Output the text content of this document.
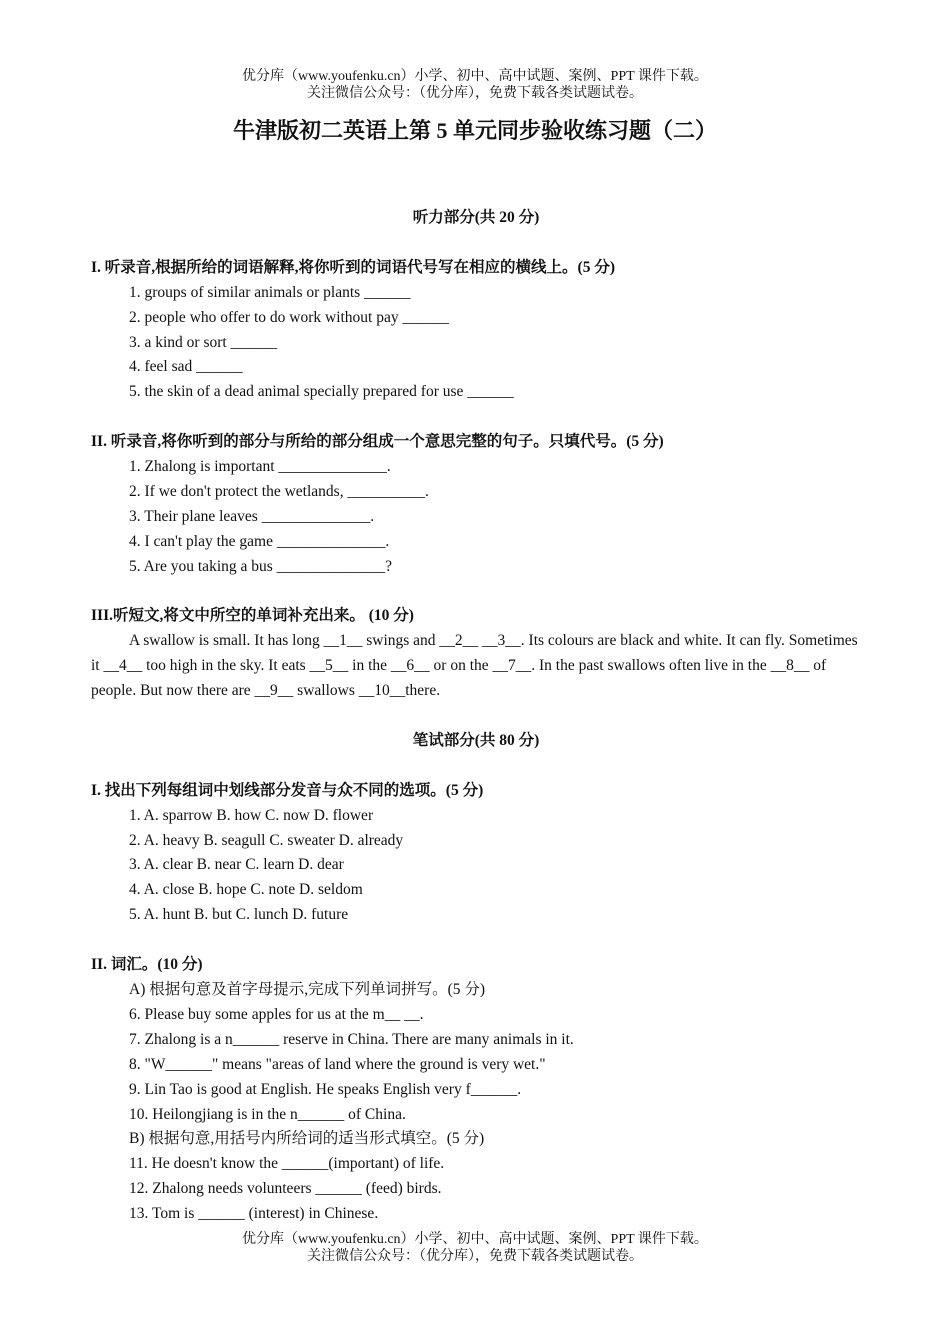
优分库（www.youfenku.cn）小学、初中、高中试题、案例、PPT 课件下载。
关注微信公众号：（优分库），免费下载各类试题试卷。
牛津版初二英语上第 5 单元同步验收练习题（二）
听力部分(共 20 分)
I. 听录音,根据所给的词语解释,将你听到的词语代号写在相应的横线上。(5 分)
1. groups of similar animals or plants ______
2. people who offer to do work without pay ______
3. a kind or sort ______
4. feel sad ______
5. the skin of a dead animal specially prepared for use ______
II. 听录音,将你听到的部分与所给的部分组成一个意思完整的句子。只填代号。(5 分)
1. Zhalong is important ______________.
2. If we don't protect the wetlands, __________.
3. Their plane leaves ______________.
4. I can't play the game ______________.
5. Are you taking a bus ______________?
III.听短文,将文中所空的单词补充出来。 (10 分)
A swallow is small. It has long __1__ swings and __2__ __3__. Its colours are black and white. It can fly. Sometimes it __4__ too high in the sky. It eats __5__ in the __6__ or on the __7__. In the past swallows often live in the __8__ of people. But now there are __9__ swallows __10__there.
笔试部分(共 80 分)
I. 找出下列每组词中划线部分发音与众不同的选项。(5 分)
1. A. sparrow B. how C. now D. flower
2. A. heavy B. seagull C. sweater D. already
3. A. clear B. near C. learn D. dear
4. A. close B. hope C. note D. seldom
5. A. hunt B. but C. lunch D. future
II. 词汇。(10 分)
A) 根据句意及首字母提示,完成下列单词拼写。(5 分)
6. Please buy some apples for us at the m__ __.
7. Zhalong is a n______ reserve in China. There are many animals in it.
8. "W______" means "areas of land where the ground is very wet."
9. Lin Tao is good at English. He speaks English very f______.
10. Heilongjiang is in the n______ of China.
B) 根据句意,用括号内所给词的适当形式填空。(5 分)
11. He doesn't know the ______(important) of life.
12. Zhalong needs volunteers ______ (feed) birds.
13. Tom is ______ (interest) in Chinese.
优分库（www.youfenku.cn）小学、初中、高中试题、案例、PPT 课件下载。
关注微信公众号：（优分库），免费下载各类试题试卷。
